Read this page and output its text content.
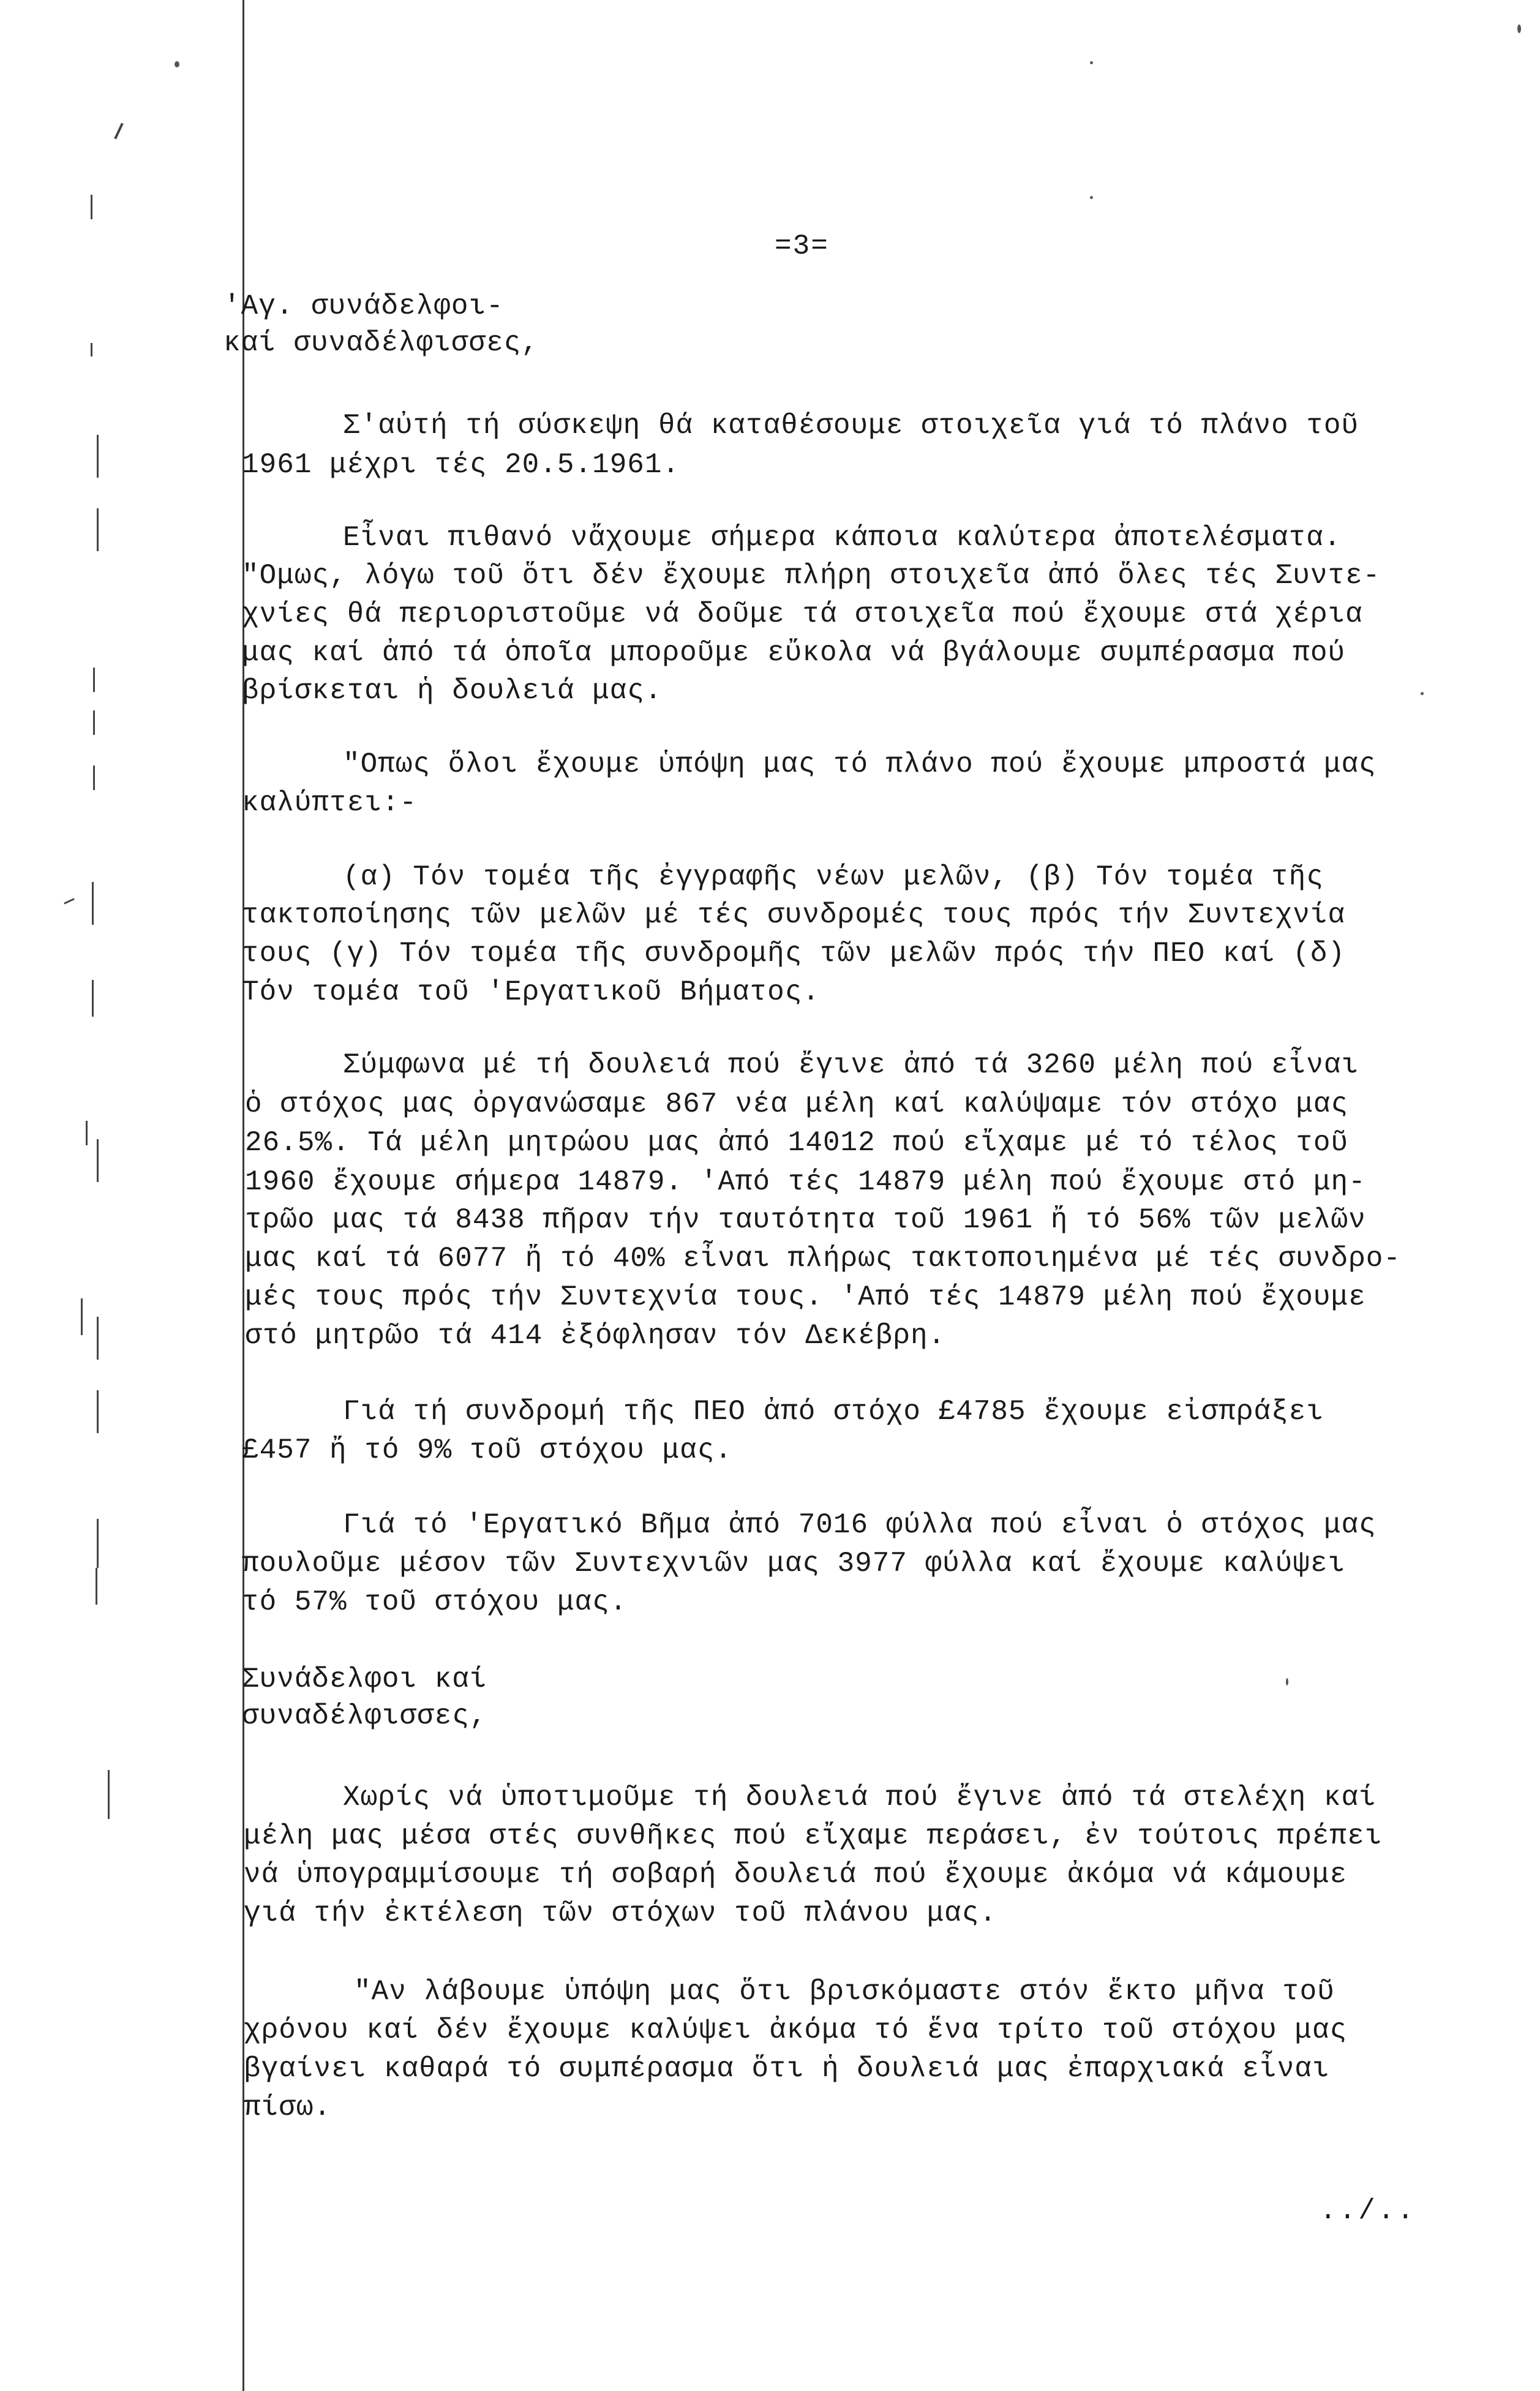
=3=
'Αγ. συνάδελφοι-
καί συναδέλφισσες,
Σ'αὐτή τή σύσκεψη θά καταθέσουμε στοιχεῖα γιά τό πλάνο τοῦ
1961 μέχρι τές 20.5.1961.
Εἶναι πιθανό νἄχουμε σήμερα κάποια καλύτερα ἀποτελέσματα.
"Ομως, λόγω τοῦ ὅτι δέν ἔχουμε πλήρη στοιχεῖα ἀπό ὅλες τές Συντε-
χνίες θά περιοριστοῦμε νά δοῦμε τά στοιχεῖα πού ἔχουμε στά χέρια
μας καί ἀπό τά ὁποῖα μποροῦμε εὔκολα νά βγάλουμε συμπέρασμα πού
βρίσκεται ἡ δουλειά μας.
"Οπως ὅλοι ἔχουμε ὑπόψη μας τό πλάνο πού ἔχουμε μπροστά μας
καλύπτει:-
(α) Τόν τομέα τῆς ἐγγραφῆς νέων μελῶν, (β) Τόν τομέα τῆς
τακτοποίησης τῶν μελῶν μέ τές συνδρομές τους πρός τήν Συντεχνία
τους (γ) Τόν τομέα τῆς συνδρομῆς τῶν μελῶν πρός τήν ΠΕΟ καί (δ)
Τόν τομέα τοῦ 'Εργατικοῦ Βήματος.
Σύμφωνα μέ τή δουλειά πού ἔγινε ἀπό τά 3260 μέλη πού εἶναι
ὁ στόχος μας ὀργανώσαμε 867 νέα μέλη καί καλύψαμε τόν στόχο μας
26.5%. Τά μέλη μητρώου μας ἀπό 14012 πού εἴχαμε μέ τό τέλος τοῦ
1960 ἔχουμε σήμερα 14879. 'Από τές 14879 μέλη πού ἔχουμε στό μη-
τρῶο μας τά 8438 πῆραν τήν ταυτότητα τοῦ 1961 ἤ τό 56% τῶν μελῶν
μας καί τά 6077 ἤ τό 40% εἶναι πλήρως τακτοποιημένα μέ τές συνδρο-
μές τους πρός τήν Συντεχνία τους. 'Από τές 14879 μέλη πού ἔχουμε
στό μητρῶο τά 414 ἐξόφλησαν τόν Δεκέβρη.
Γιά τή συνδρομή τῆς ΠΕΟ ἀπό στόχο £4785 ἔχουμε εἰσπράξει
£457 ἤ τό 9% τοῦ στόχου μας.
Γιά τό 'Εργατικό Βῆμα ἀπό 7016 φύλλα πού εἶναι ὁ στόχος μας
πουλοῦμε μέσον τῶν Συντεχνιῶν μας 3977 φύλλα καί ἔχουμε καλύψει
τό 57% τοῦ στόχου μας.
Συνάδελφοι καί
συναδέλφισσες,
Χωρίς νά ὑποτιμοῦμε τή δουλειά πού ἔγινε ἀπό τά στελέχη καί
μέλη μας μέσα στές συνθῆκες πού εἴχαμε περάσει, ἐν τούτοις πρέπει
νά ὑπογραμμίσουμε τή σοβαρή δουλειά πού ἔχουμε ἀκόμα νά κάμουμε
γιά τήν ἐκτέλεση τῶν στόχων τοῦ πλάνου μας.
"Αν λάβουμε ὑπόψη μας ὅτι βρισκόμαστε στόν ἕκτο μῆνα τοῦ
χρόνου καί δέν ἔχουμε καλύψει ἀκόμα τό ἕνα τρίτο τοῦ στόχου μας
βγαίνει καθαρά τό συμπέρασμα ὅτι ἡ δουλειά μας ἐπαρχιακά εἶναι
πίσω.
../..
